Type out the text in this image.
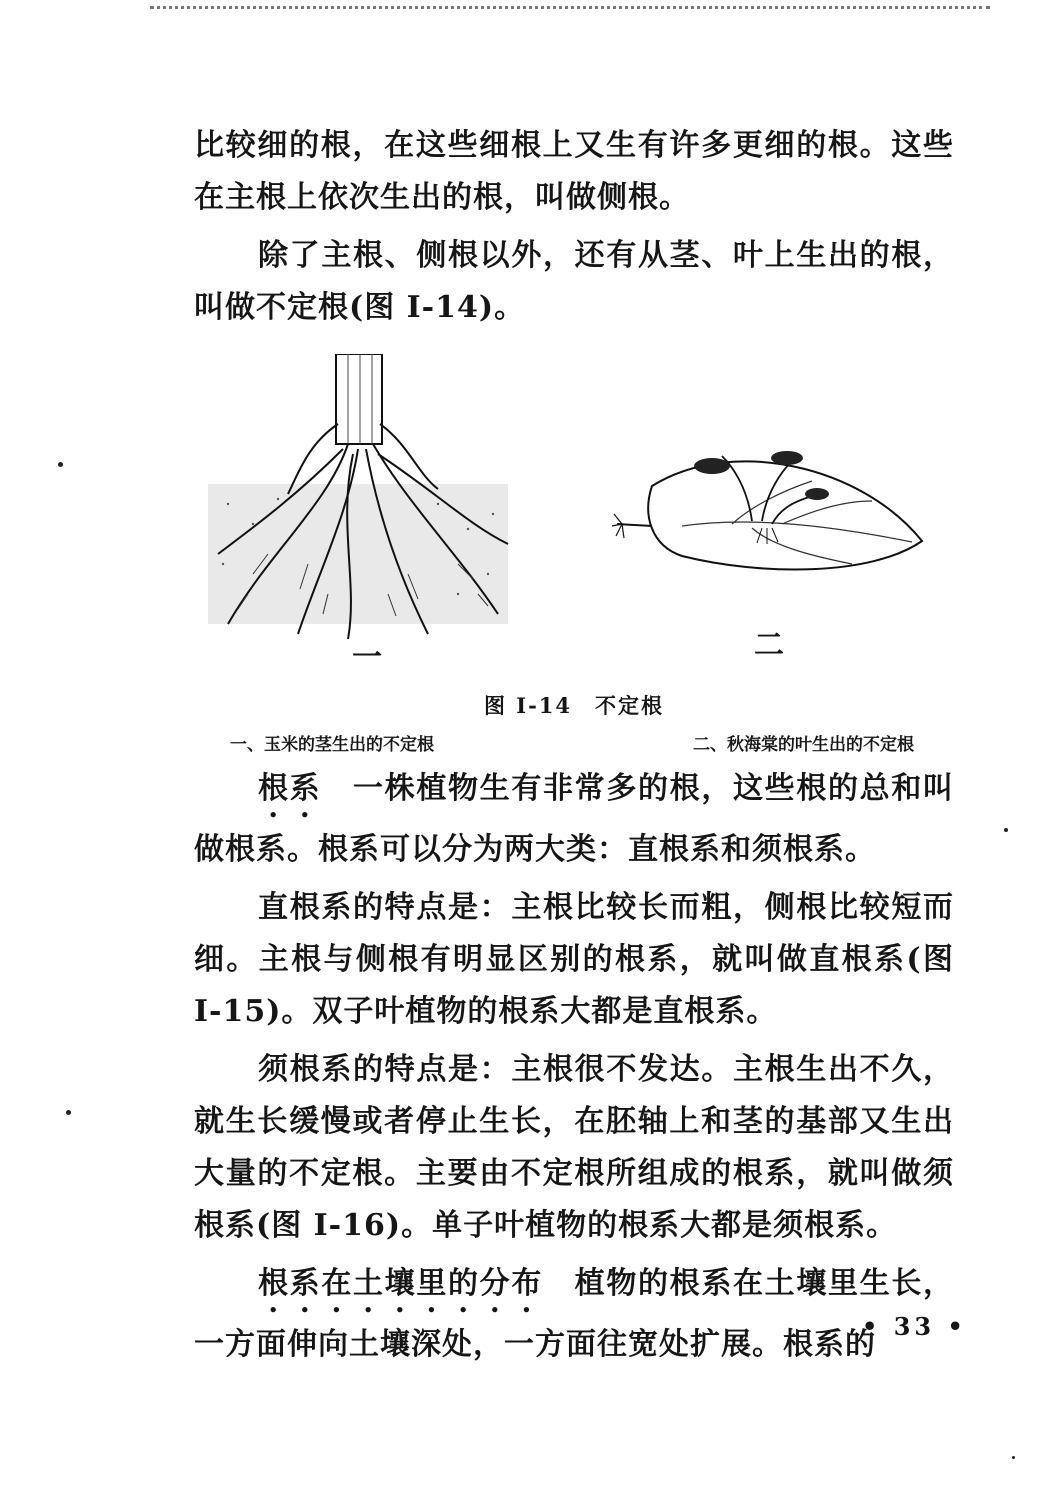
比较细的根，在这些细根上又生有许多更细的根。这些在主根上依次生出的根，叫做侧根。

除了主根、侧根以外，还有从茎、叶上生出的根，叫做不定根(图 I-14)。

一	二

图 I-14　不定根

一、玉米的茎生出的不定根	二、秋海棠的叶生出的不定根

根系　 一株植物生有非常多的根，这些根的总和叫做根系。根系可以分为两大类：直根系和须根系。

直根系的特点是：主根比较长而粗，侧根比较短而细。主根与侧根有明显区别的根系，就叫做直根系(图 I-15)。双子叶植物的根系大都是直根系。

须根系的特点是：主根很不发达。主根生出不久，就生长缓慢或者停止生长，在胚轴上和茎的基部又生出大量的不定根。主要由不定根所组成的根系，就叫做须根系(图 I-16)。单子叶植物的根系大都是须根系。

根系在土壤里的分布　 植物的根系在土壤里生长，一方面伸向土壤深处，一方面往宽处扩展。根系的

• 33 •
